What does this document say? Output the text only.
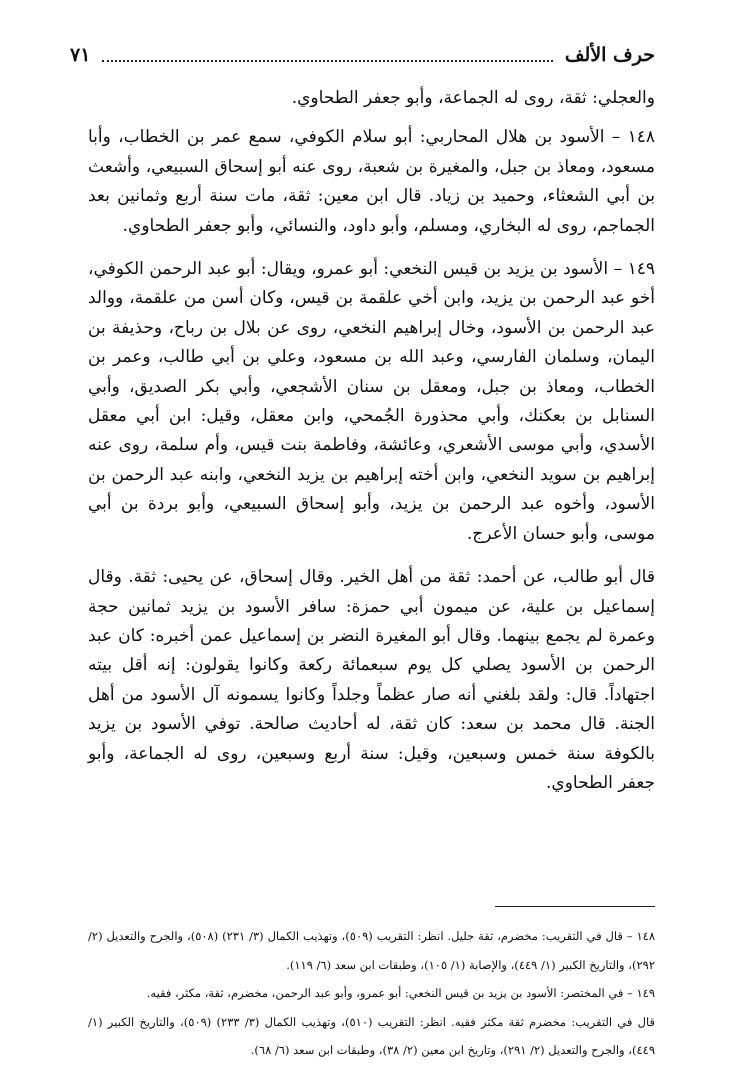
حرف الألف
٧١

والعجلي: ثقة، روى له الجماعة، وأبو جعفر الطحاوي.

١٤٨ – الأسود بن هلال المحاربي: أبو سلام الكوفي، سمع عمر بن الخطاب، وأبا مسعود، ومعاذ بن جبل، والمغيرة بن شعبة، روى عنه أبو إسحاق السبيعي، وأشعث بن أبي الشعثاء، وحميد بن زياد. قال ابن معين: ثقة، مات سنة أربع وثمانين بعد الجماجم، روى له البخاري، ومسلم، وأبو داود، والنسائي، وأبو جعفر الطحاوي.

١٤٩ – الأسود بن يزيد بن قيس النخعي: أبو عمرو، ويقال: أبو عبد الرحمن الكوفي، أخو عبد الرحمن بن يزيد، وابن أخي علقمة بن قيس، وكان أسن من علقمة، ووالد عبد الرحمن بن الأسود، وخال إبراهيم النخعي، روى عن بلال بن رباح، وحذيفة بن اليمان، وسلمان الفارسي، وعبد الله بن مسعود، وعلي بن أبي طالب، وعمر بن الخطاب، ومعاذ بن جبل، ومعقل بن سنان الأشجعي، وأبي بكر الصديق، وأبي السنابل بن بعكنك، وأبي محذورة الجُمحي، وابن معقل، وقيل: ابن أبي معقل الأسدي، وأبي موسى الأشعري، وعائشة، وفاطمة بنت قيس، وأم سلمة، روى عنه إبراهيم بن سويد النخعي، وابن أخته إبراهيم بن يزيد النخعي، وابنه عبد الرحمن بن الأسود، وأخوه عبد الرحمن بن يزيد، وأبو إسحاق السبيعي، وأبو بردة بن أبي موسى، وأبو حسان الأعرج.

قال أبو طالب، عن أحمد: ثقة من أهل الخير. وقال إسحاق، عن يحيى: ثقة. وقال إسماعيل بن علية، عن ميمون أبي حمزة: سافر الأسود بن يزيد ثمانين حجة وعمرة لم يجمع بينهما. وقال أبو المغيرة النضر بن إسماعيل عمن أخبره: كان عبد الرحمن بن الأسود يصلي كل يوم سبعمائة ركعة وكانوا يقولون: إنه أقل بيته اجتهاداً. قال: ولقد بلغني أنه صار عظماً وجلداً وكانوا يسمونه آل الأسود من أهل الجنة. قال محمد بن سعد: كان ثقة، له أحاديث صالحة. توفي الأسود بن يزيد بالكوفة سنة خمس وسبعين، وقيل: سنة أربع وسبعين، روى له الجماعة، وأبو جعفر الطحاوي.

١٤٨ – قال في التقريب: مخضرم، ثقة جليل. انظر: التقريب (٥٠٩)، وتهذيب الكمال (٣/ ٢٣١) (٥٠٨)، والجرح والتعديل (٢/ ٢٩٢)، والتاريخ الكبير (١/ ٤٤٩)، والإصابة (١/ ١٠٥)، وطبقات ابن سعد (٦/ ١١٩).

١٤٩ – في المختصر: الأسود بن يزيد بن قيس النخعي: أبو عمرو، وأبو عبد الرحمن، مخضرم، ثقة، مكثر، فقيه.

قال في التقريب: مخضرم ثقة مكثر فقيه. انظر: التقريب (٥١٠)، وتهذيب الكمال (٣/ ٢٣٣) (٥٠٩)، والتاريخ الكبير (١/ ٤٤٩)، والجرح والتعديل (٢/ ٢٩١)، وتاريخ ابن معين (٢/ ٣٨)، وطبقات ابن سعد (٦/ ٦٨).
